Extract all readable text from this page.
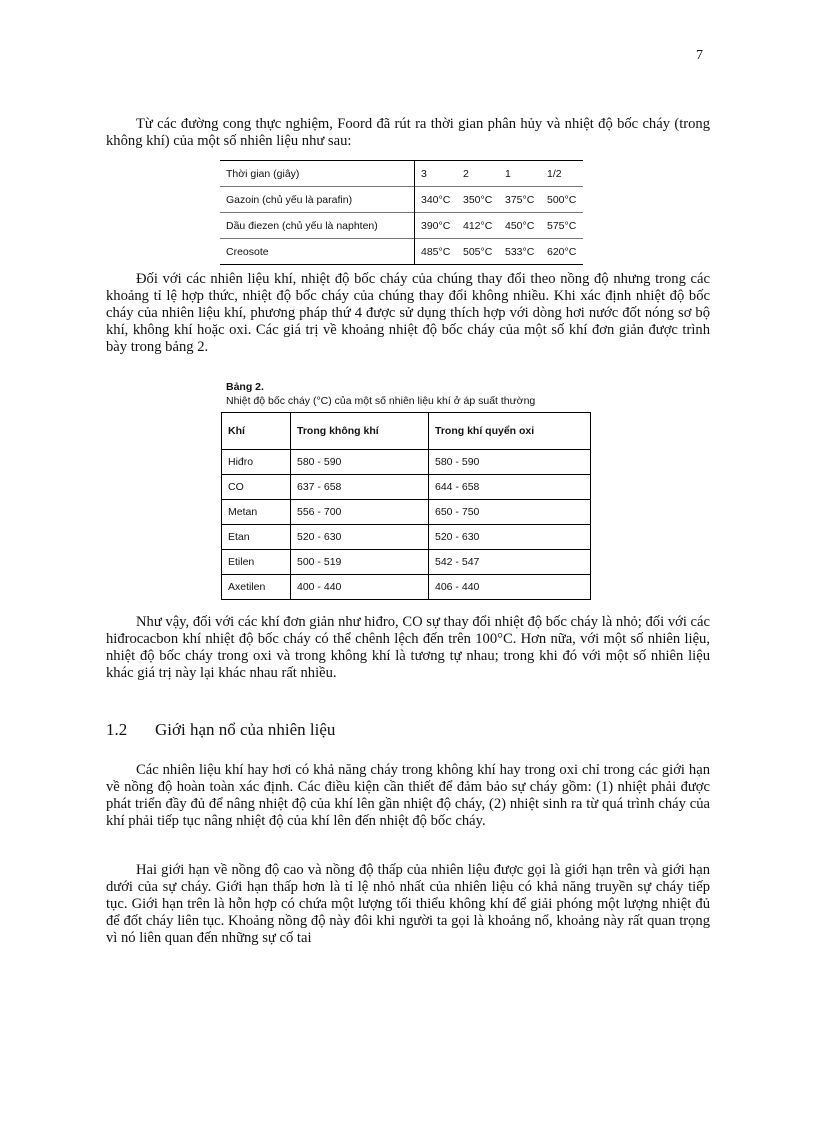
7

Từ các đường cong thực nghiệm, Foord đã rút ra thời gian phân hủy và nhiệt độ bốc cháy (trong không khí) của một số nhiên liệu như sau:

Thời gian (giây)	3	2	1	1/2
Gazoin (chủ yếu là parafin)	340°C	350°C	375°C	500°C
Dầu điezen (chủ yếu là naphten)	390°C	412°C	450°C	575°C
Creosote	485°C	505°C	533°C	620°C

Đối với các nhiên liệu khí, nhiệt độ bốc cháy của chúng thay đổi theo nồng độ nhưng trong các khoảng tỉ lệ hợp thức, nhiệt độ bốc cháy của chúng thay đổi không nhiều. Khi xác định nhiệt độ bốc cháy của nhiên liệu khí, phương pháp thứ 4 được sử dụng thích hợp với dòng hơi nước đốt nóng sơ bộ khí, không khí hoặc oxi. Các giá trị về khoảng nhiệt độ bốc cháy của một số khí đơn giản được trình bày trong bảng 2.

Bảng 2.
Nhiệt độ bốc cháy (°C) của một số nhiên liệu khí ở áp suất thường
Khí	Trong không khí	Trong khí quyển oxi
Hiđro	580 - 590	580 - 590
CO	637 - 658	644 - 658
Metan	556 - 700	650 - 750
Etan	520 - 630	520 - 630
Etilen	500 - 519	542 - 547
Axetilen	400 - 440	406 - 440

Như vậy, đối với các khí đơn giản như hiđro, CO sự thay đổi nhiệt độ bốc cháy là nhỏ; đối với các hiđrocacbon khí nhiệt độ bốc cháy có thể chênh lệch đến trên 100°C. Hơn nữa, với một số nhiên liệu, nhiệt độ bốc cháy trong oxi và trong không khí là tương tự nhau; trong khi đó với một số nhiên liệu khác giá trị này lại khác nhau rất nhiều.

1.2 Giới hạn nổ của nhiên liệu

Các nhiên liệu khí hay hơi có khả năng cháy trong không khí hay trong oxi chỉ trong các giới hạn về nồng độ hoàn toàn xác định. Các điều kiện cần thiết để đảm bảo sự cháy gồm: (1) nhiệt phải được phát triển đầy đủ để nâng nhiệt độ của khí lên gần nhiệt độ cháy, (2) nhiệt sinh ra từ quá trình cháy của khí phải tiếp tục nâng nhiệt độ của khí lên đến nhiệt độ bốc cháy.

Hai giới hạn về nồng độ cao và nồng độ thấp của nhiên liệu được gọi là giới hạn trên và giới hạn dưới của sự cháy. Giới hạn thấp hơn là tỉ lệ nhỏ nhất của nhiên liệu có khả năng truyền sự cháy tiếp tục. Giới hạn trên là hỗn hợp có chứa một lượng tối thiểu không khí để giải phóng một lượng nhiệt đủ để đốt cháy liên tục. Khoảng nồng độ này đôi khi người ta gọi là khoảng nổ, khoảng này rất quan trọng vì nó liên quan đến những sự cố tai
